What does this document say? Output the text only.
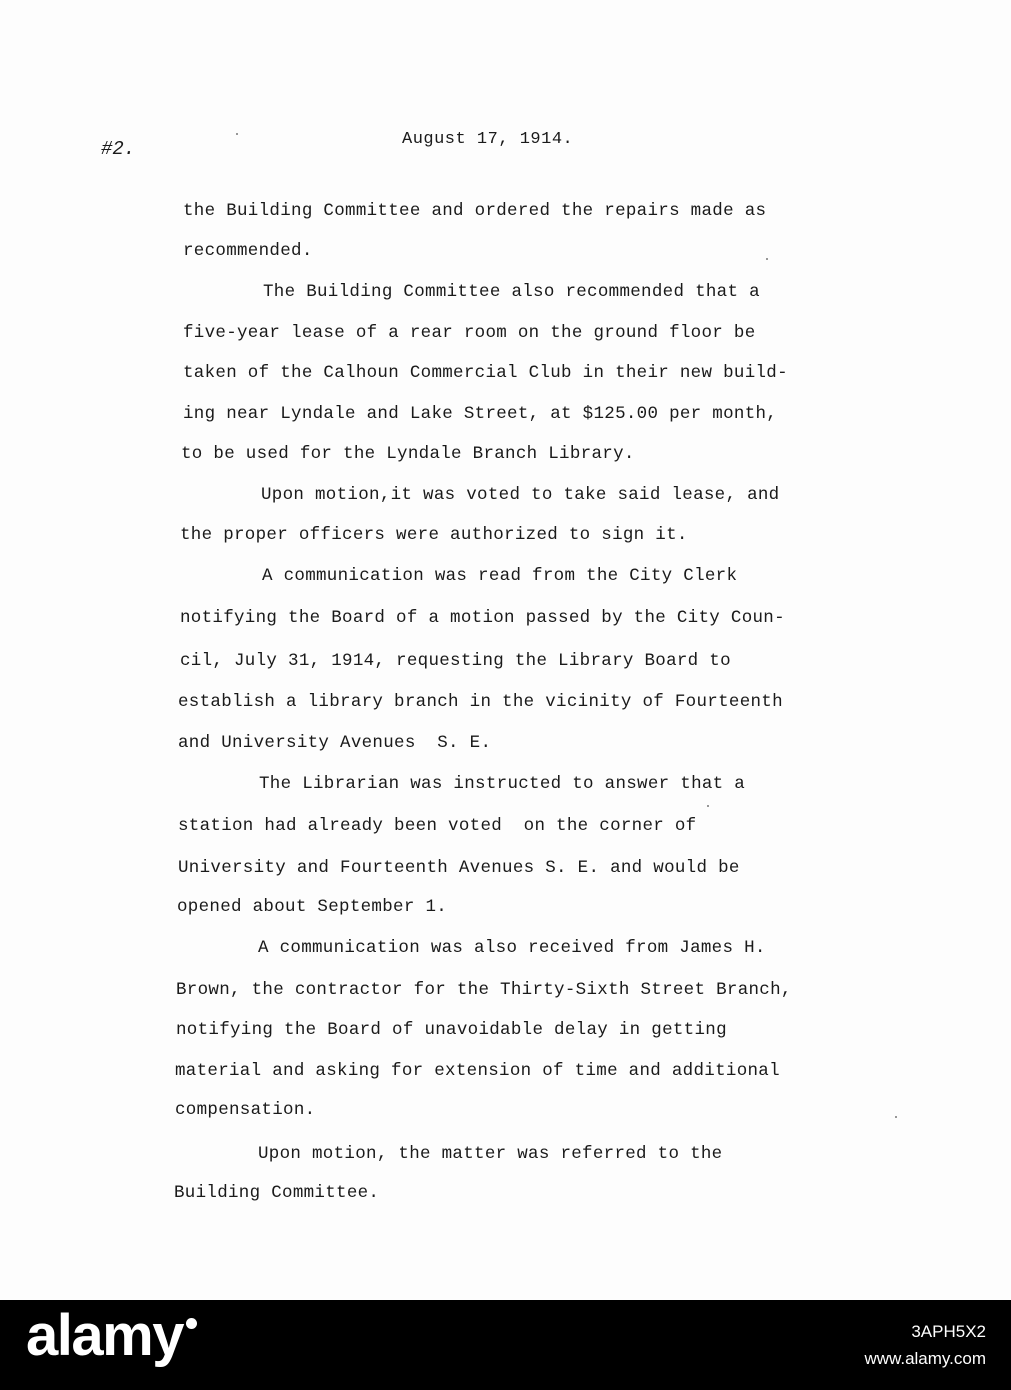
#2.	August 17, 1914.
the Building Committee and ordered the repairs made as
recommended.
The Building Committee also recommended that a
five-year lease of a rear room on the ground floor be
taken of the Calhoun Commercial Club in their new build-
ing near Lyndale and Lake Street, at $125.00 per month,
to be used for the Lyndale Branch Library.
Upon motion,it was voted to take said lease, and
the proper officers were authorized to sign it.
A communication was read from the City Clerk
notifying the Board of a motion passed by the City Coun-
cil, July 31, 1914, requesting the Library Board to
establish a library branch in the vicinity of Fourteenth
and University Avenues  S. E.
The Librarian was instructed to answer that a
station had already been voted  on the corner of
University and Fourteenth Avenues S. E. and would be
opened about September 1.
A communication was also received from James H.
Brown, the contractor for the Thirty-Sixth Street Branch,
notifying the Board of unavoidable delay in getting
material and asking for extension of time and additional
compensation.
Upon motion, the matter was referred to the
Building Committee.
alamy	3APH5X2
www.alamy.com
